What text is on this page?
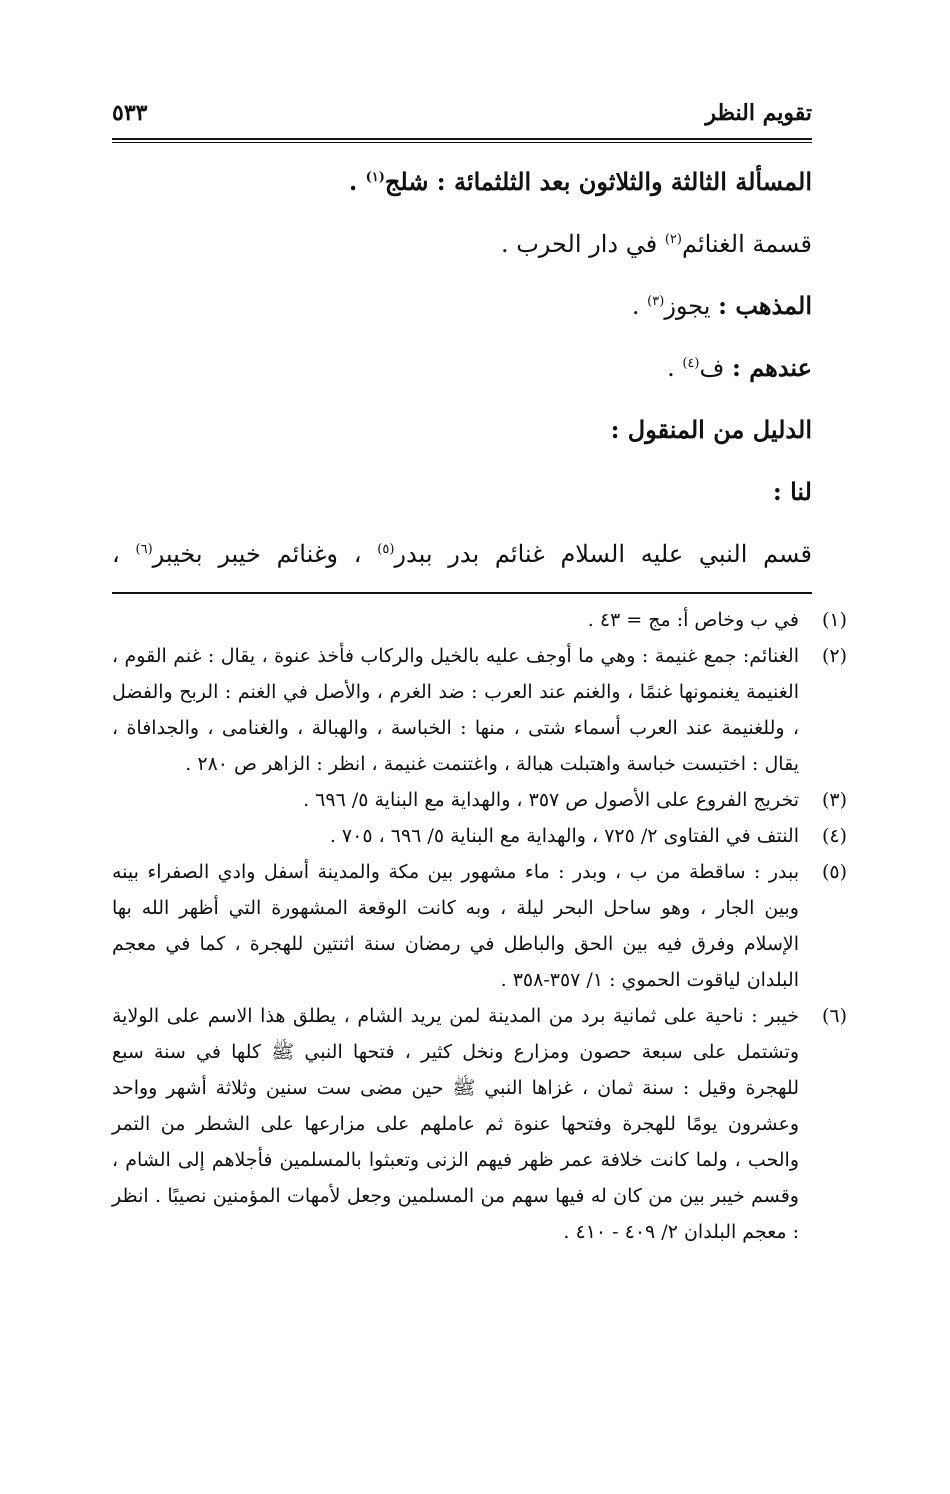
تقويم النظر
٥٣٣

المسألة الثالثة والثلاثون بعد الثلثمائة : شلج$^{(١)}$ .

قسمة الغنائم$^{(٢)}$ في دار الحرب .

المذهب : يجوز$^{(٣)}$ .

عندهم : ف$^{(٤)}$ .

الدليل من المنقول :

لنا :

قسم النبي عليه السلام غنائم بدر ببدر$^{(٥)}$ ، وغنائم خيبر بخيبر$^{(٦)}$ ،

(١)
في ب وخاص أ: مج = ٤٣ .
(٢)
الغنائم: جمع غنيمة : وهي ما أوجف عليه بالخيل والركاب فأخذ عنوة ، يقال : غنم القوم ، الغنيمة يغنمونها غنمًا ، والغنم عند العرب : ضد الغرم ، والأصل في الغنم : الربح والفضل ، وللغنيمة عند العرب أسماء شتى ، منها : الخباسة ، والهبالة ، والغنامى ، والجدافاة ، يقال : اختبست خباسة واهتبلت هبالة ، واغتنمت غنيمة ، انظر : الزاهر ص ٢٨٠ .
(٣)
تخريج الفروع على الأصول ص ٣٥٧ ، والهداية مع البناية ٥/ ٦٩٦ .
(٤)
النتف في الفتاوى ٢/ ٧٢٥ ، والهداية مع البناية ٥/ ٦٩٦ ، ٧٠٥ .
(٥)
ببدر : ساقطة من ب ، وبدر : ماء مشهور بين مكة والمدينة أسفل وادي الصفراء بينه وبين الجار ، وهو ساحل البحر ليلة ، وبه كانت الوقعة المشهورة التي أظهر الله بها الإسلام وفرق فيه بين الحق والباطل في رمضان سنة اثنتين للهجرة ، كما في معجم البلدان لياقوت الحموي : ١/ ٣٥٧-٣٥٨ .
(٦)
خيبر : ناحية على ثمانية برد من المدينة لمن يريد الشام ، يطلق هذا الاسم على الولاية وتشتمل على سبعة حصون ومزارع ونخل كثير ، فتحها النبي ﷺ كلها في سنة سبع للهجرة وقيل : سنة ثمان ، غزاها النبي ﷺ حين مضى ست سنين وثلاثة أشهر وواحد وعشرون يومًا للهجرة وفتحها عنوة ثم عاملهم على مزارعها على الشطر من التمر والحب ، ولما كانت خلافة عمر ظهر فيهم الزنى وتعبثوا بالمسلمين فأجلاهم إلى الشام ، وقسم خيبر بين من كان له فيها سهم من المسلمين وجعل لأمهات المؤمنين نصيبًا . انظر : معجم البلدان ٢/ ٤٠٩ - ٤١٠ .
